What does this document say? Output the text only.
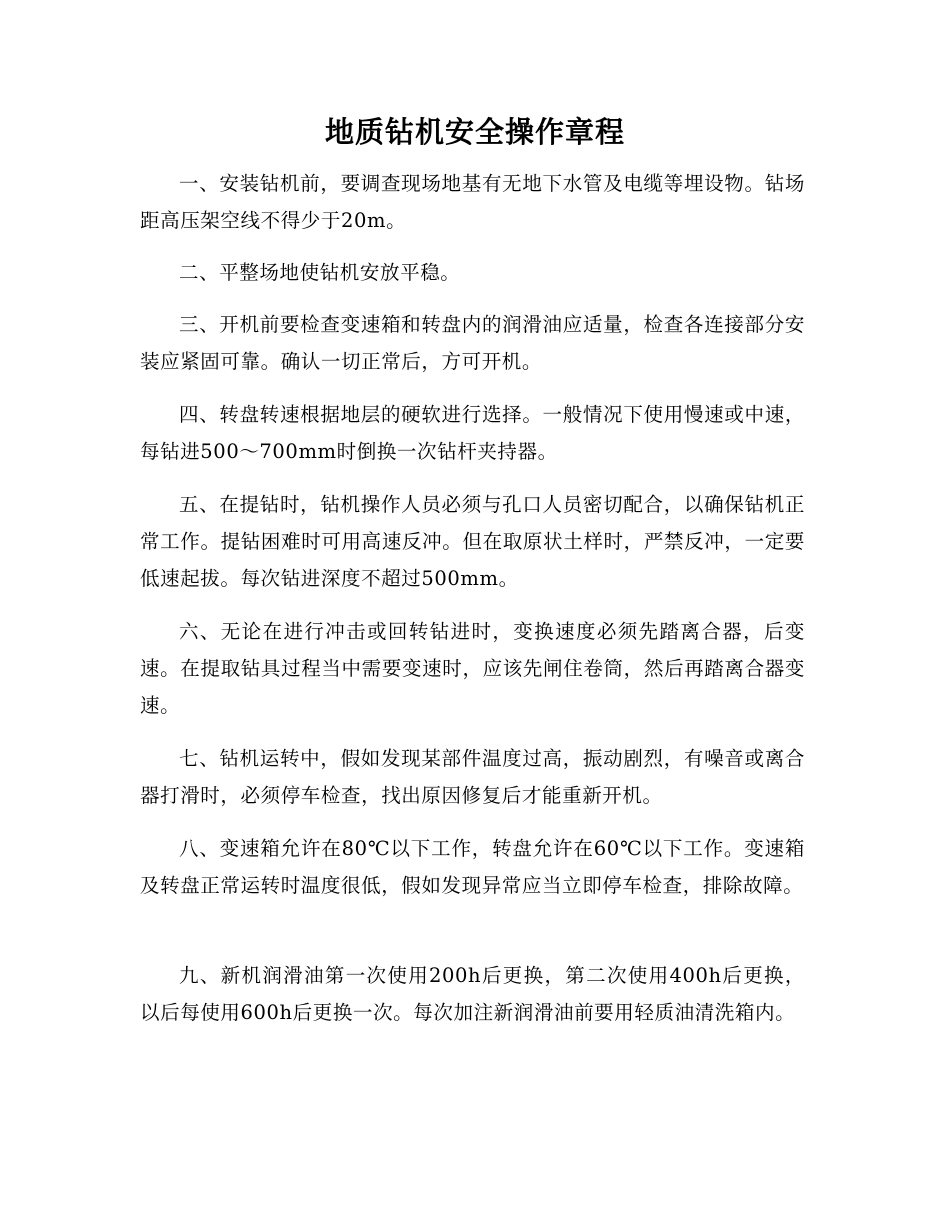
地质钻机安全操作章程

一、安装钻机前，要调查现场地基有无地下水管及电缆等埋设物。钻场距高压架空线不得少于20m。

二、平整场地使钻机安放平稳。

三、开机前要检查变速箱和转盘内的润滑油应适量，检查各连接部分安装应紧固可靠。确认一切正常后，方可开机。

四、转盘转速根据地层的硬软进行选择。一般情况下使用慢速或中速，每钻进500～700mm时倒换一次钻杆夹持器。

五、在提钻时，钻机操作人员必须与孔口人员密切配合，以确保钻机正常工作。提钻困难时可用高速反冲。但在取原状土样时，严禁反冲，一定要低速起拔。每次钻进深度不超过500mm。

六、无论在进行冲击或回转钻进时，变换速度必须先踏离合器，后变速。在提取钻具过程当中需要变速时，应该先闸住卷筒，然后再踏离合器变速。

七、钻机运转中，假如发现某部件温度过高，振动剧烈，有噪音或离合器打滑时，必须停车检查，找出原因修复后才能重新开机。

八、变速箱允许在80℃以下工作，转盘允许在60℃以下工作。变速箱及转盘正常运转时温度很低，假如发现异常应当立即停车检查，排除故障。

九、新机润滑油第一次使用200h后更换，第二次使用400h后更换，以后每使用600h后更换一次。每次加注新润滑油前要用轻质油清洗箱内。
